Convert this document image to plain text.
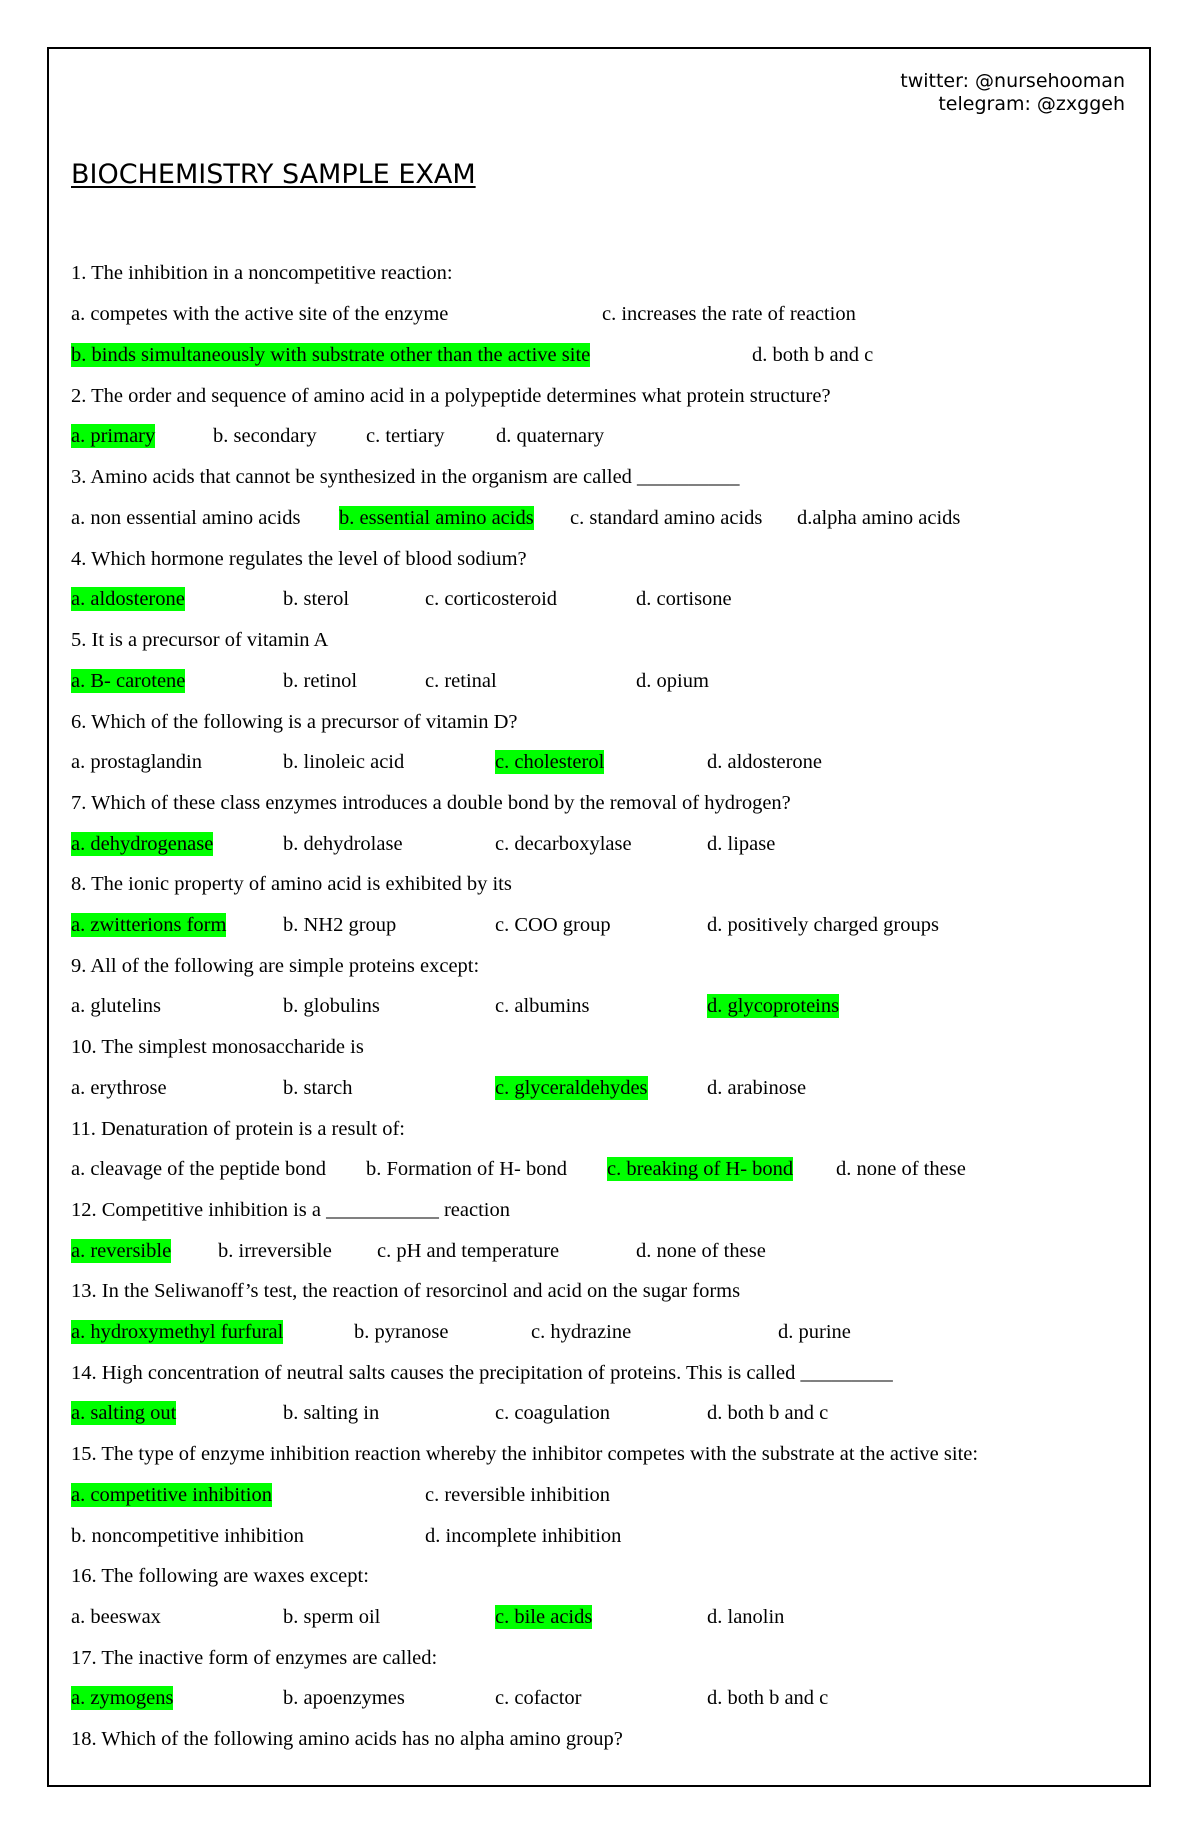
twitter: @nursehooman
telegram: @zxggeh
BIOCHEMISTRY SAMPLE EXAM
1. The inhibition in a noncompetitive reaction:
a. competes with the active site of the enzyme	c. increases the rate of reaction
b. binds simultaneously with substrate other than the active site	d. both b and c
2. The order and sequence of amino acid in a polypeptide determines what protein structure?
a. primary	b. secondary c. tertiary	d. quaternary
3. Amino acids that cannot be synthesized in the organism are called __________
a. non essential amino acids b. essential amino acids c. standard amino acids d.alpha amino acids
4. Which hormone regulates the level of blood sodium?
a. aldosterone	b. sterol	c. corticosteroid	d. cortisone
5. It is a precursor of vitamin A
a. B- carotene	b. retinol	c. retinal	d. opium
6. Which of the following is a precursor of vitamin D?
a. prostaglandin	b. linoleic acid	c. cholesterol	d. aldosterone
7. Which of these class enzymes introduces a double bond by the removal of hydrogen?
a. dehydrogenase	b. dehydrolase	c. decarboxylase	d. lipase
8. The ionic property of amino acid is exhibited by its
a. zwitterions form	b. NH2 group	c. COO group	d. positively charged groups
9. All of the following are simple proteins except:
a. glutelins	b. globulins	c. albumins	d. glycoproteins
10. The simplest monosaccharide is
a. erythrose	b. starch	c. glyceraldehydes	d. arabinose
11. Denaturation of protein is a result of:
a. cleavage of the peptide bond b. Formation of H- bond c. breaking of H- bond d. none of these
12. Competitive inhibition is a ___________ reaction
a. reversible b. irreversible c. pH and temperature	d. none of these
13. In the Seliwanoff’s test, the reaction of resorcinol and acid on the sugar forms
a. hydroxymethyl furfural	b. pyranose	c. hydrazine	d. purine
14. High concentration of neutral salts causes the precipitation of proteins. This is called _________
a. salting out	b. salting in	c. coagulation	d. both b and c
15. The type of enzyme inhibition reaction whereby the inhibitor competes with the substrate at the active site:
a. competitive inhibition	c. reversible inhibition
b. noncompetitive inhibition	d. incomplete inhibition
16. The following are waxes except:
a. beeswax	b. sperm oil	c. bile acids	d. lanolin
17. The inactive form of enzymes are called:
a. zymogens	b. apoenzymes	c. cofactor	d. both b and c
18. Which of the following amino acids has no alpha amino group?
